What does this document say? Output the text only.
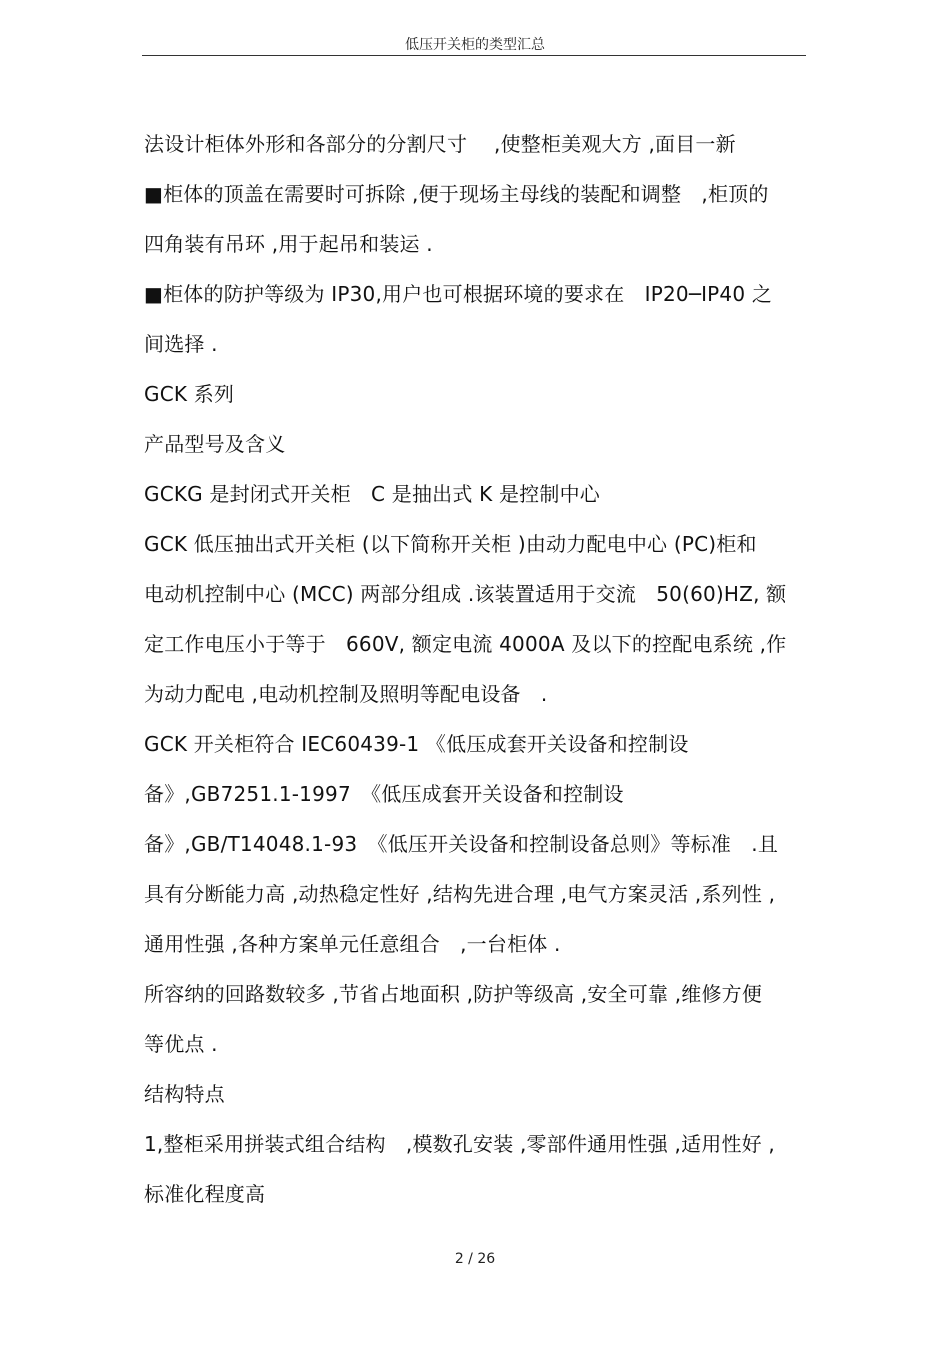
低压开关柜的类型汇总
法设计柜体外形和各部分的分割尺寸　 ,使整柜美观大方 ,面目一新
■柜体的顶盖在需要时可拆除 ,便于现场主母线的装配和调整　,柜顶的
四角装有吊环 ,用于起吊和装运 .
■柜体的防护等级为 IP30,用户也可根据环境的要求在　IP20─IP40 之
间选择 .
GCK 系列
产品型号及含义
GCKG 是封闭式开关柜　C 是抽出式 K 是控制中心
GCK 低压抽出式开关柜 (以下简称开关柜 )由动力配电中心 (PC)柜和
电动机控制中心 (MCC) 两部分组成 .该装置适用于交流　50(60)HZ, 额
定工作电压小于等于　660V, 额定电流 4000A 及以下的控配电系统 ,作
为动力配电 ,电动机控制及照明等配电设备　.
GCK 开关柜符合 IEC60439-1 《低压成套开关设备和控制设
备》,GB7251.1-1997　《低压成套开关设备和控制设
备》,GB/T14048.1-93　《低压开关设备和控制设备总则》等标准　.且
具有分断能力高 ,动热稳定性好 ,结构先进合理 ,电气方案灵活 ,系列性 ,
通用性强 ,各种方案单元任意组合　,一台柜体 .
所容纳的回路数较多 ,节省占地面积 ,防护等级高 ,安全可靠 ,维修方便
等优点 .
结构特点
1,整柜采用拼装式组合结构　,模数孔安装 ,零部件通用性强 ,适用性好 ,
标准化程度高
2 / 26
